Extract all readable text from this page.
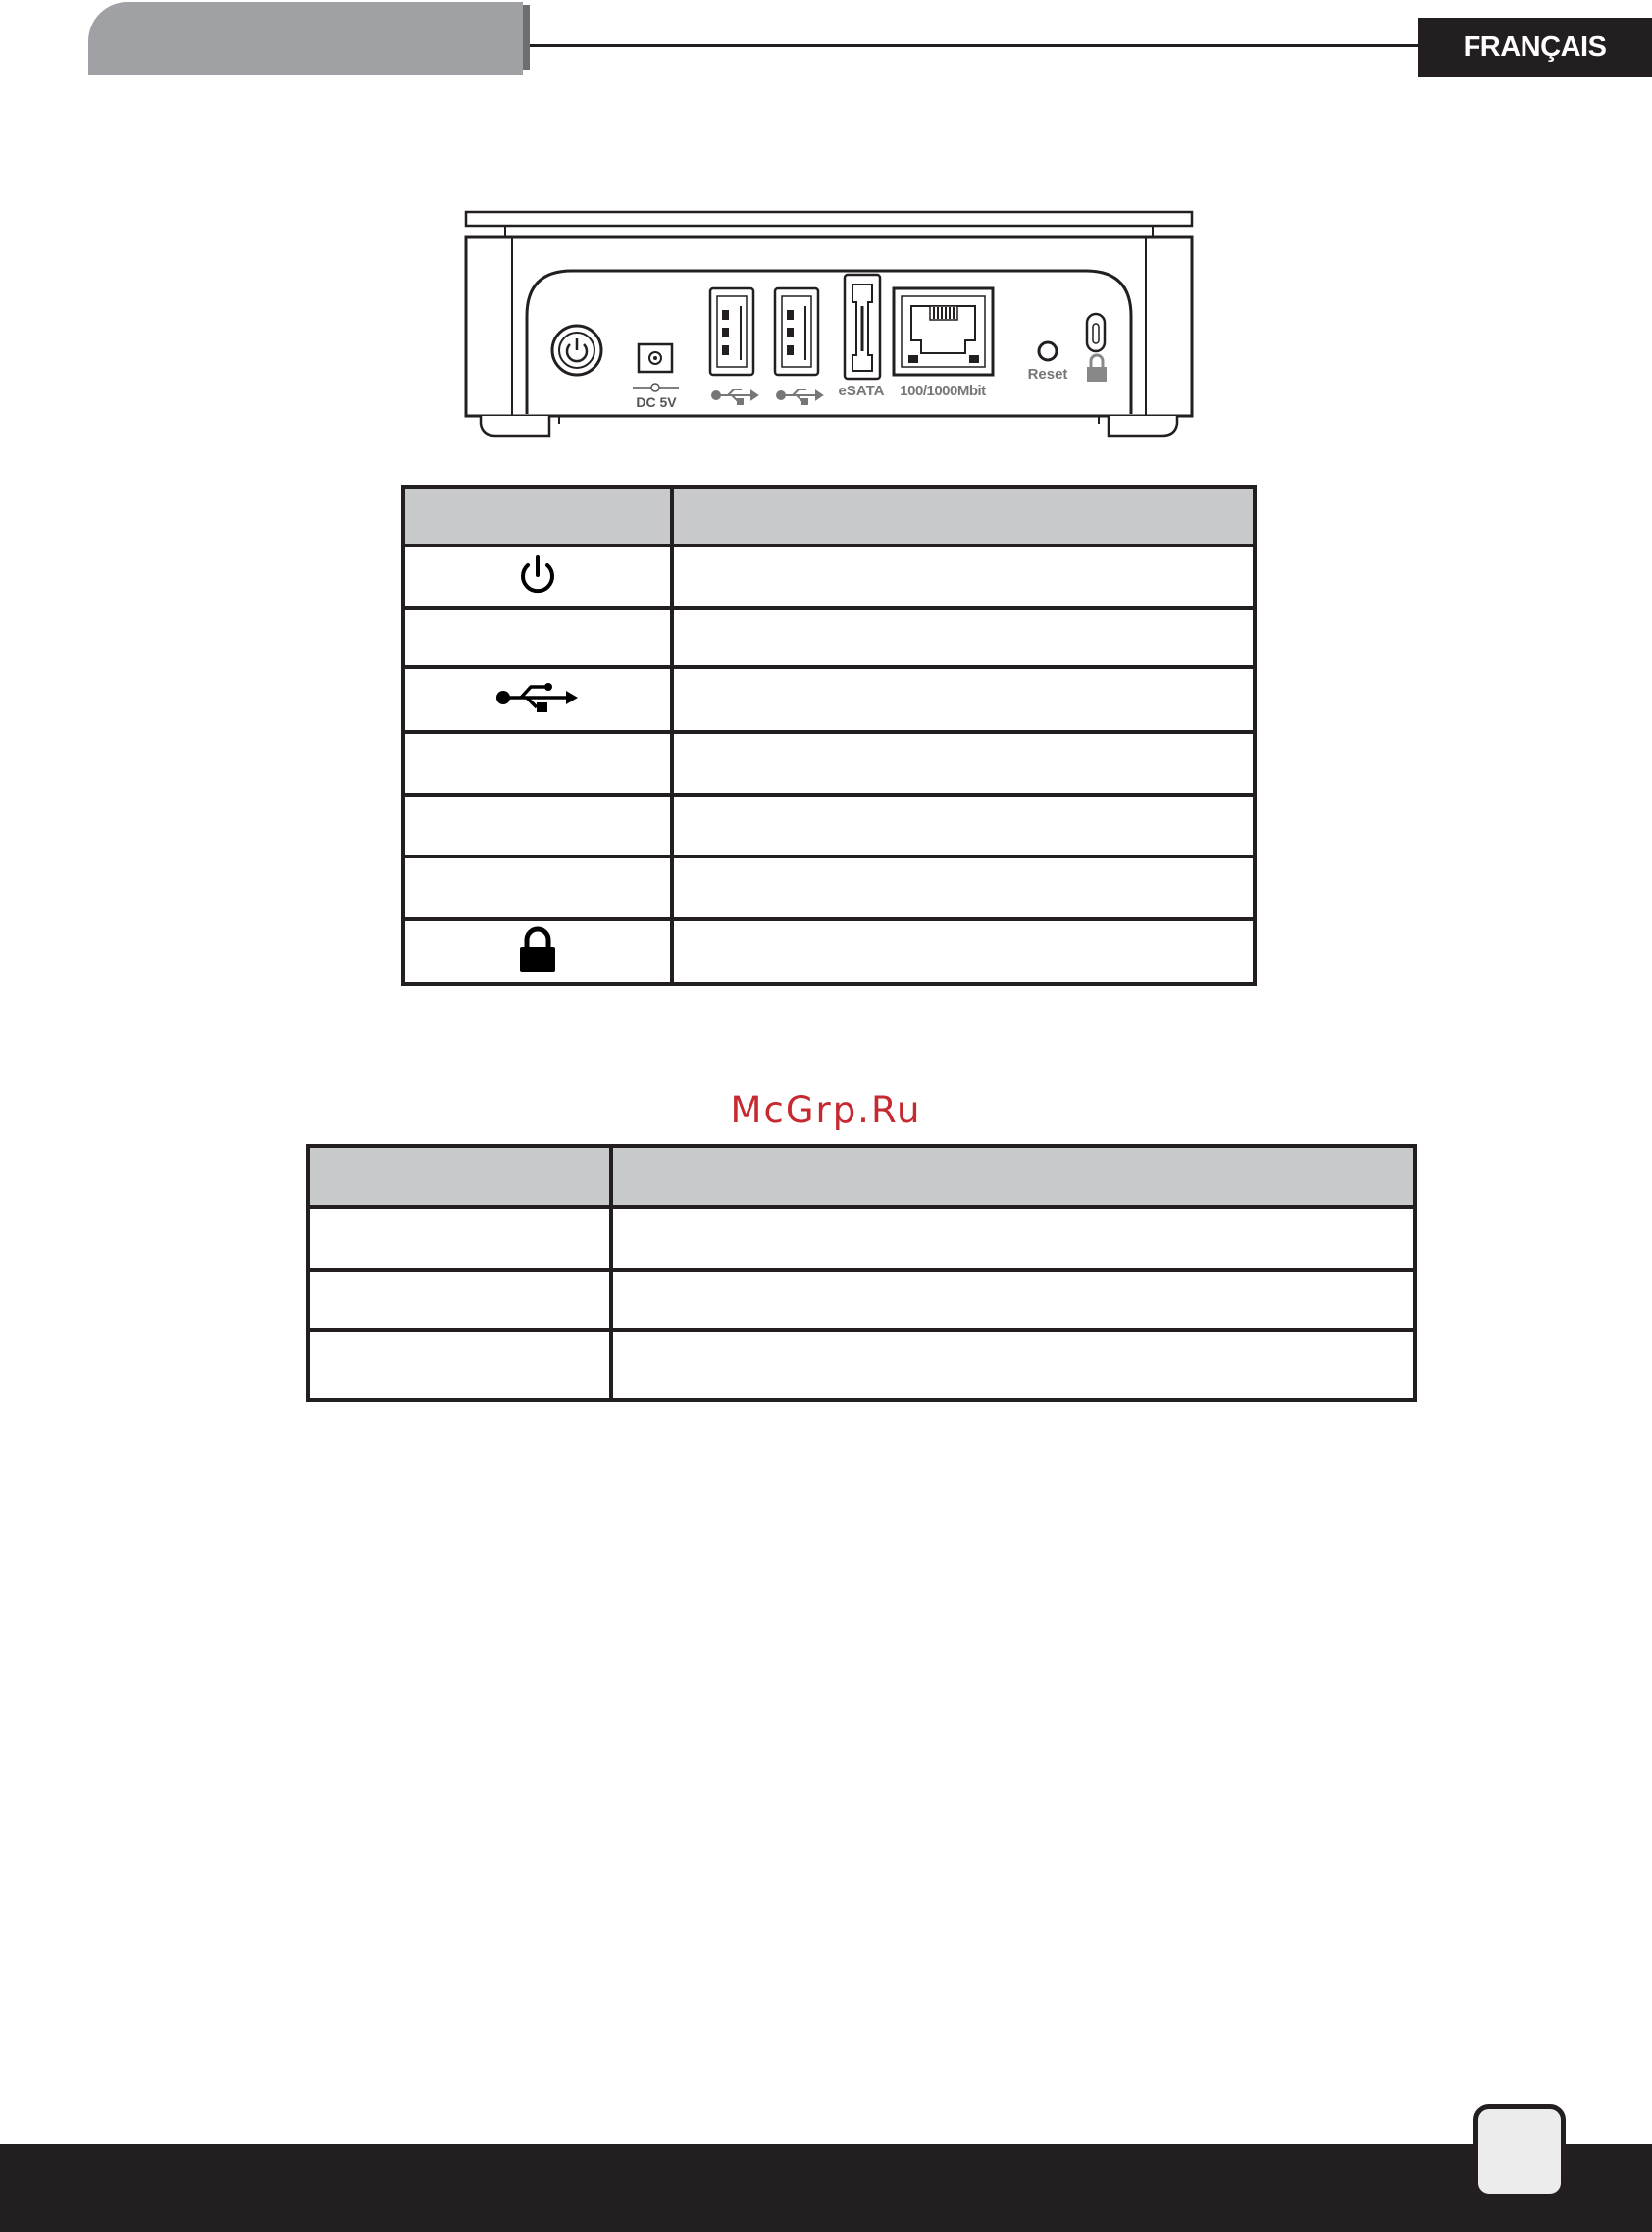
FRANÇAIS
DC 5V
eSATA 100/1000Mbit
Reset

McGrp.Ru
